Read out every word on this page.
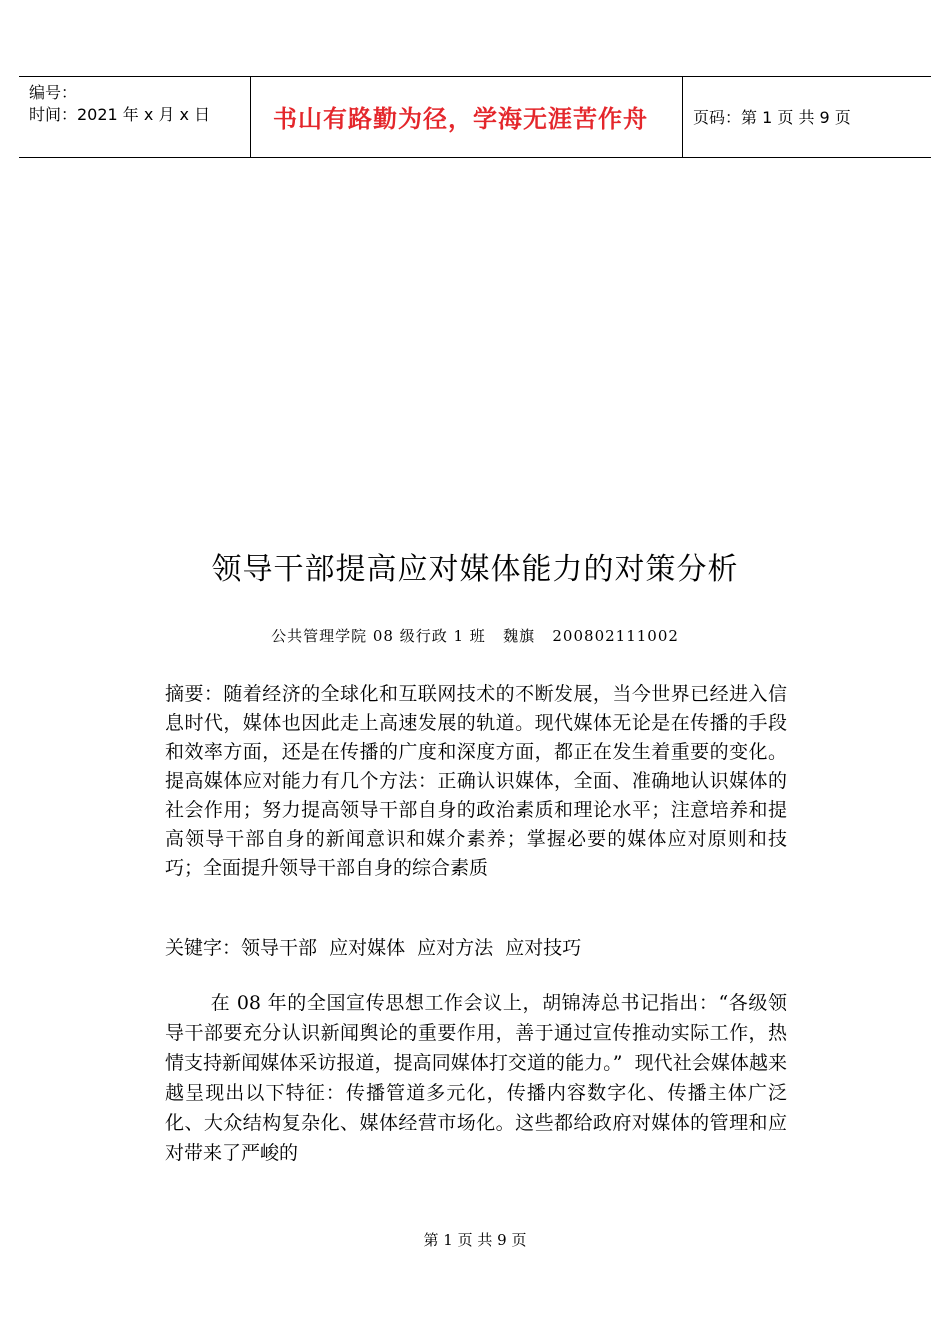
编号：
时间：2021 年 x 月 x 日	书山有路勤为径，学海无涯苦作舟	页码：第 1 页 共 9 页
领导干部提高应对媒体能力的对策分析
公共管理学院 08 级行政 1 班   魏旗   200802111002

摘要：随着经济的全球化和互联网技术的不断发展，当今世界已经进入信息时代，媒体也因此走上高速发展的轨道。现代媒体无论是在传播的手段和效率方面，还是在传播的广度和深度方面，都正在发生着重要的变化。提高媒体应对能力有几个方法：正确认识媒体，全面、准确地认识媒体的社会作用；努力提高领导干部自身的政治素质和理论水平；注意培养和提高领导干部自身的新闻意识和媒介素养；掌握必要的媒体应对原则和技巧；全面提升领导干部自身的综合素质

关键字：领导干部  应对媒体  应对方法  应对技巧

在 08 年的全国宣传思想工作会议上，胡锦涛总书记指出：“各级领导干部要充分认识新闻舆论的重要作用，善于通过宣传推动实际工作，热情支持新闻媒体采访报道，提高同媒体打交道的能力。”  现代社会媒体越来越呈现出以下特征：传播管道多元化，传播内容数字化、传播主体广泛化、大众结构复杂化、媒体经营市场化。这些都给政府对媒体的管理和应对带来了严峻的

第 1 页 共 9 页
